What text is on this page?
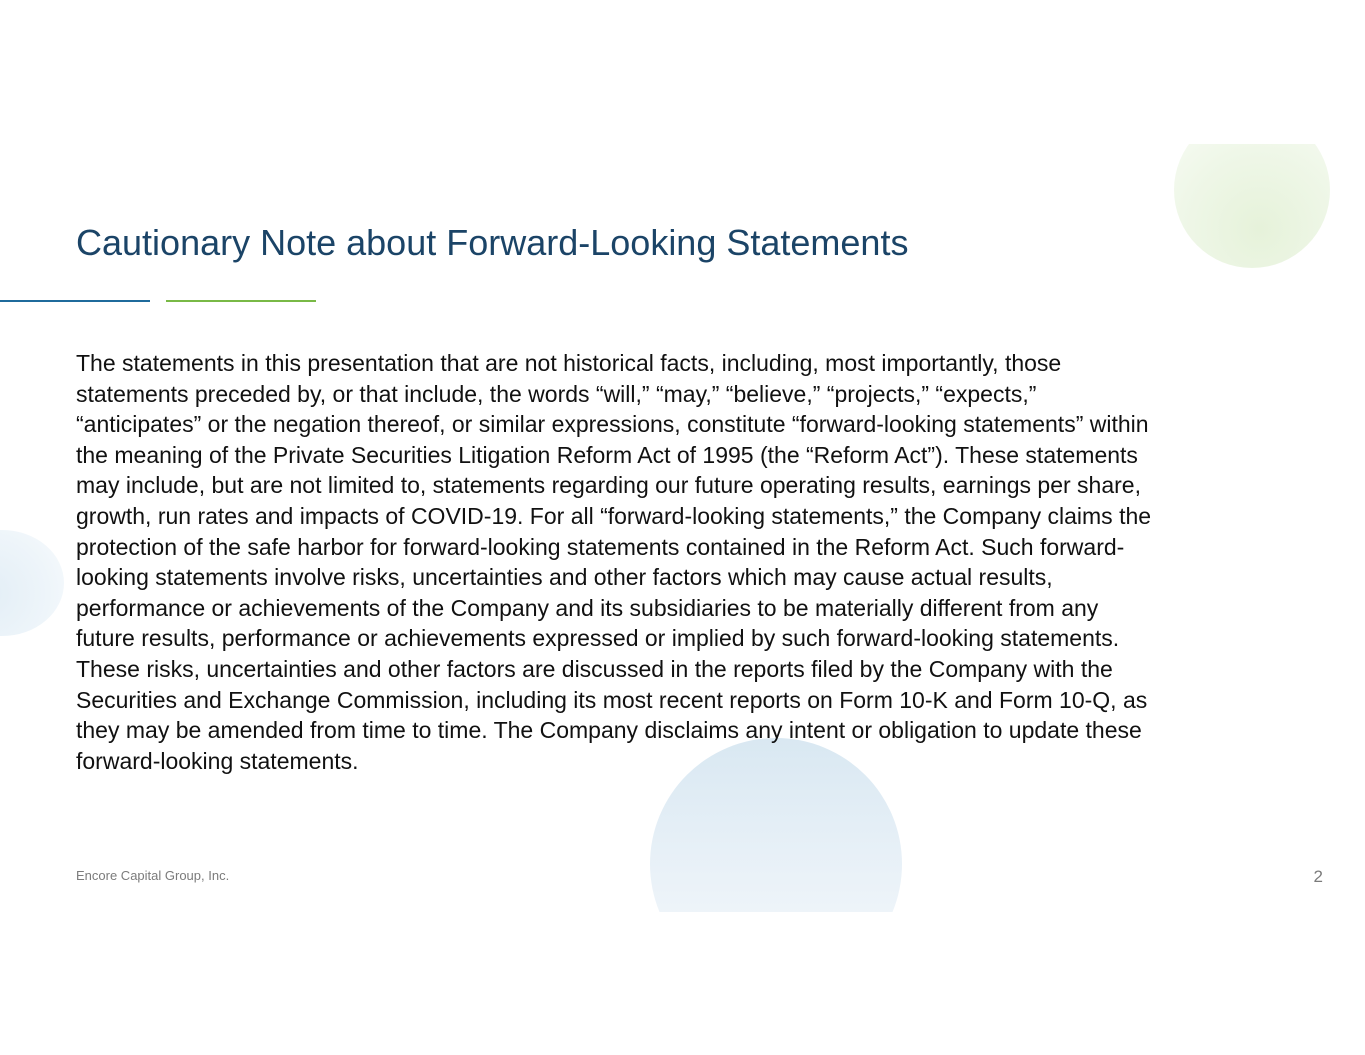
Cautionary Note about Forward-Looking Statements

The statements in this presentation that are not historical facts, including, most importantly, those
statements preceded by, or that include, the words “will,” “may,” “believe,” “projects,” “expects,”
“anticipates” or the negation thereof, or similar expressions, constitute “forward-looking statements” within
the meaning of the Private Securities Litigation Reform Act of 1995 (the “Reform Act”). These statements
may include, but are not limited to, statements regarding our future operating results, earnings per share,
growth, run rates and impacts of COVID-19. For all “forward-looking statements,” the Company claims the
protection of the safe harbor for forward-looking statements contained in the Reform Act. Such forward-
looking statements involve risks, uncertainties and other factors which may cause actual results,
performance or achievements of the Company and its subsidiaries to be materially different from any
future results, performance or achievements expressed or implied by such forward-looking statements.
These risks, uncertainties and other factors are discussed in the reports filed by the Company with the
Securities and Exchange Commission, including its most recent reports on Form 10-K and Form 10-Q, as
they may be amended from time to time. The Company disclaims any intent or obligation to update these
forward-looking statements.

Encore Capital Group, Inc.	2
